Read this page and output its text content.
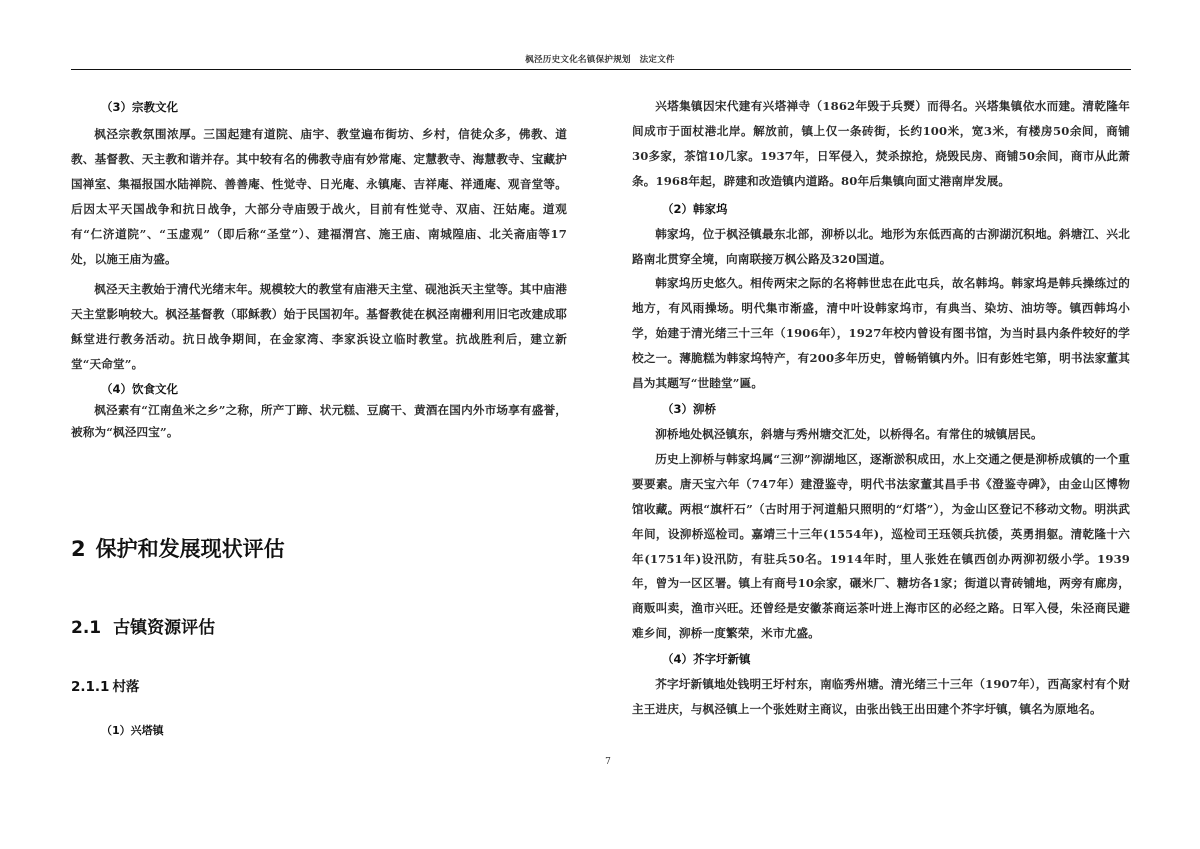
枫泾历史文化名镇保护规划　法定文件

（3）宗教文化

枫泾宗教氛围浓厚。三国起建有道院、庙宇、教堂遍布街坊、乡村，信徒众多，佛教、道教、基督教、天主教和谐并存。其中较有名的佛教寺庙有妙常庵、定慧教寺、海慧教寺、宝藏护国禅室、集福报国水陆禅院、善善庵、性觉寺、日光庵、永镇庵、吉祥庵、祥通庵、观音堂等。后因太平天国战争和抗日战争，大部分寺庙毁于战火，目前有性觉寺、双庙、汪姑庵。道观有“仁济道院”、“玉虚观”（即后称“圣堂”）、建福渭宫、施王庙、南城隍庙、北关斋庙等17处，以施王庙为盛。

枫泾天主教始于清代光绪末年。规模较大的教堂有庙港天主堂、砚池浜天主堂等。其中庙港天主堂影响较大。枫泾基督教（耶稣教）始于民国初年。基督教徒在枫泾南栅利用旧宅改建成耶稣堂进行教务活动。抗日战争期间，在金家湾、李家浜设立临时教堂。抗战胜利后，建立新堂“天命堂”。

（4）饮食文化

枫泾素有“江南鱼米之乡”之称，所产丁蹄、状元糕、豆腐干、黄酒在国内外市场享有盛誉，被称为“枫泾四宝”。

2 保护和发展现状评估
2.1 古镇资源评估
2.1.1 村落
（1）兴塔镇

兴塔集镇因宋代建有兴塔禅寺（1862年毁于兵燹）而得名。兴塔集镇依水而建。清乾隆年间成市于面杖港北岸。解放前，镇上仅一条砖街，长约100米，宽3米，有楼房50余间，商铺30多家，茶馆10几家。1937年，日军侵入，焚杀掠抢，烧毁民房、商铺50余间，商市从此萧条。1968年起，辟建和改造镇内道路。80年后集镇向面丈港南岸发展。

（2）韩家坞

韩家坞，位于枫泾镇最东北部，泖桥以北。地形为东低西高的古泖湖沉积地。斜塘江、兴北路南北贯穿全境，向南联接万枫公路及320国道。

韩家坞历史悠久。相传两宋之际的名将韩世忠在此屯兵，故名韩坞。韩家坞是韩兵操练过的地方，有风雨操场。明代集市渐盛，清中叶设韩家坞市，有典当、染坊、油坊等。镇西韩坞小学，始建于清光绪三十三年（1906年），1927年校内曾设有图书馆，为当时县内条件较好的学校之一。薄脆糕为韩家坞特产，有200多年历史，曾畅销镇内外。旧有彭姓宅第，明书法家董其昌为其题写“世睦堂”匾。

（3）泖桥

泖桥地处枫泾镇东，斜塘与秀州塘交汇处，以桥得名。有常住的城镇居民。

历史上泖桥与韩家坞属“三泖”泖湖地区，逐渐淤积成田，水上交通之便是泖桥成镇的一个重要要素。唐天宝六年（747年）建澄鉴寺，明代书法家董其昌手书《澄鉴寺碑》，由金山区博物馆收藏。两根“旗杆石”（古时用于河道船只照明的“灯塔”），为金山区登记不移动文物。明洪武年间，设泖桥巡检司。嘉靖三十三年(1554年)，巡检司王珏领兵抗倭，英勇捐躯。清乾隆十六年(1751年)设汛防，有驻兵50名。1914年时，里人张姓在镇西创办两泖初级小学。1939年，曾为一区区署。镇上有商号10余家，碾米厂、糖坊各1家；街道以青砖铺地，两旁有廊房，商贩叫卖，渔市兴旺。还曾经是安徽茶商运茶叶进上海市区的必经之路。日军入侵，朱泾商民避难乡间，泖桥一度繁荣，米市尤盛。

（4）芥字圩新镇

芥字圩新镇地处钱明王圩村东，南临秀州塘。清光绪三十三年（1907年），西高家村有个财主王进庆，与枫泾镇上一个张姓财主商议，由张出钱王出田建个芥字圩镇，镇名为原地名。

7
